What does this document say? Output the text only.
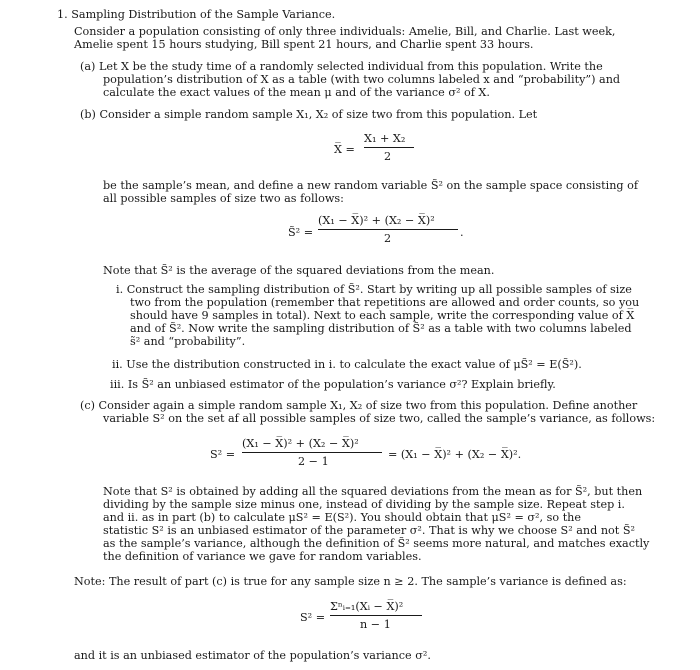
1. Sampling Distribution of the Sample Variance.
Consider a population consisting of only three individuals: Amelie, Bill, and Charlie. Last week,
Amelie spent 15 hours studying, Bill spent 21 hours, and Charlie spent 33 hours.
(a) Let X be the study time of a randomly selected individual from this population. Write the
population’s distribution of X as a table (with two columns labeled x and “probability”) and
calculate the exact values of the mean μ and of the variance σ² of X.
(b) Consider a simple random sample X₁, X₂ of size two from this population. Let
X̅ =
X₁ + X₂
2
be the sample’s mean, and define a new random variable S̃² on the sample space consisting of
all possible samples of size two as follows:
S̃² =
(X₁ − X̅)² + (X₂ − X̅)²
2	.
Note that S̃² is the average of the squared deviations from the mean.
i. Construct the sampling distribution of S̃². Start by writing up all possible samples of size
two from the population (remember that repetitions are allowed and order counts, so you
should have 9 samples in total). Next to each sample, write the corresponding value of X̅
and of S̃². Now write the sampling distribution of S̃² as a table with two columns labeled
s̃² and “probability”.
ii. Use the distribution constructed in i. to calculate the exact value of μS̃² = E(S̃²).
iii. Is S̃² an unbiased estimator of the population’s variance σ²? Explain briefly.
(c) Consider again a simple random sample X₁, X₂ of size two from this population. Define another
variable S² on the set af all possible samples of size two, called the sample’s variance, as follows:
S² =
(X₁ − X̅)² + (X₂ − X̅)²
2 − 1
= (X₁ − X̅)² + (X₂ − X̅)².
Note that S² is obtained by adding all the squared deviations from the mean as for S̃², but then
dividing by the sample size minus one, instead of dividing by the sample size. Repeat step i.
and ii. as in part (b) to calculate μS² = E(S²). You should obtain that μS² = σ², so the
statistic S² is an unbiased estimator of the parameter σ². That is why we choose S² and not S̃²
as the sample’s variance, although the definition of S̃² seems more natural, and matches exactly
the definition of variance we gave for random variables.
Note: The result of part (c) is true for any sample size n ≥ 2. The sample’s variance is defined as:
S² =
Σⁿᵢ₌₁(Xᵢ − X̅)²
n − 1
and it is an unbiased estimator of the population’s variance σ².
